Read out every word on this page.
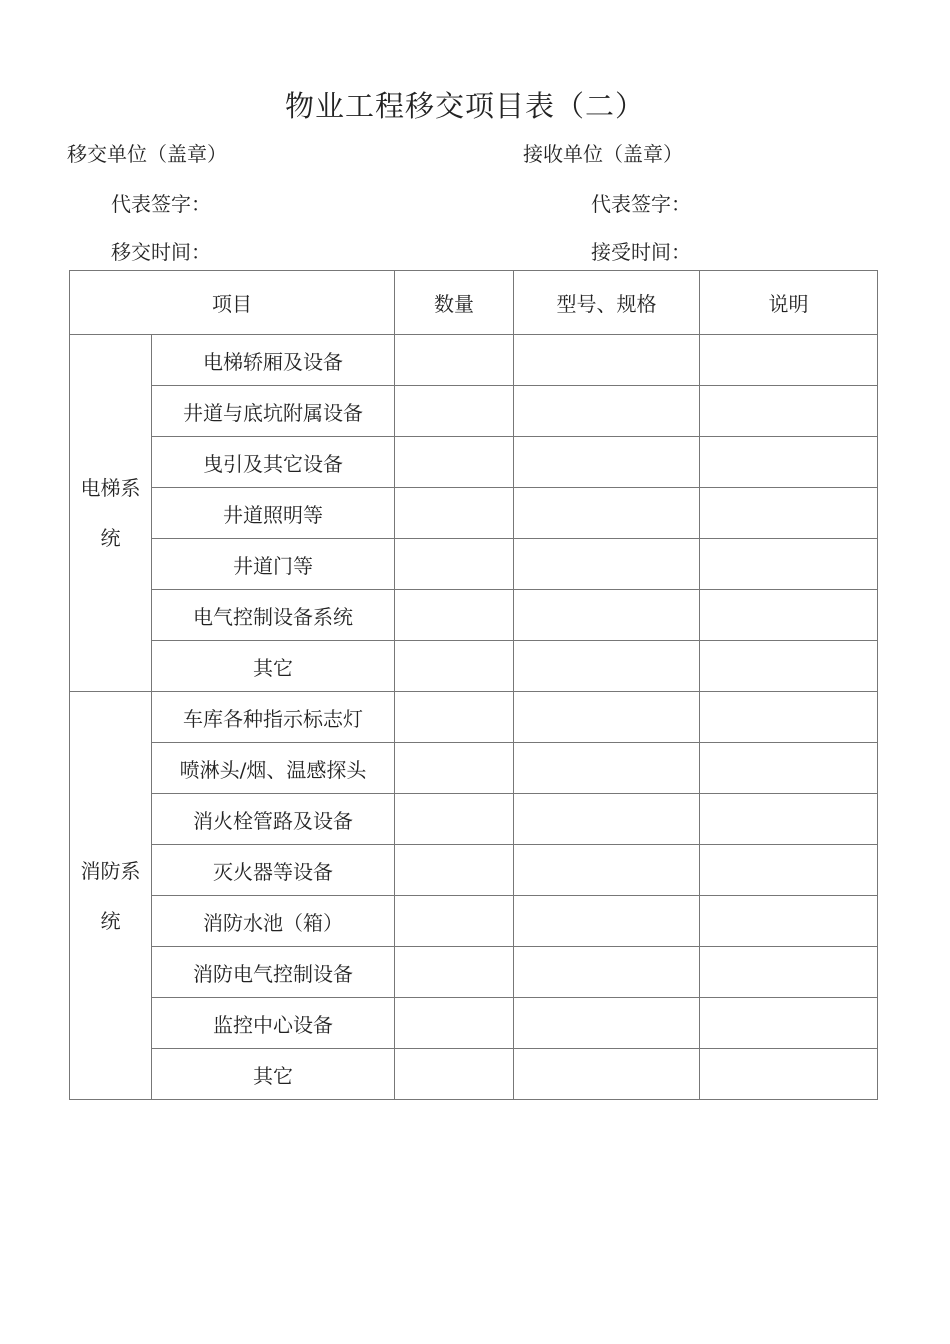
物业工程移交项目表（二）
移交单位（盖章）	接收单位（盖章）
代表签字：	代表签字：
移交时间：	接受时间：
项目		数量	型号、规格	说明

电梯系
统	电梯轿厢及设备			
	井道与底坑附属设备			
	曳引及其它设备			
	井道照明等			
	井道门等			
	电气控制设备系统			
	其它			

消防系
统	车库各种指示标志灯			
	喷淋头/烟、温感探头			
	消火栓管路及设备			
	灭火器等设备			
	消防水池（箱）			
	消防电气控制设备			
	监控中心设备			
	其它			
